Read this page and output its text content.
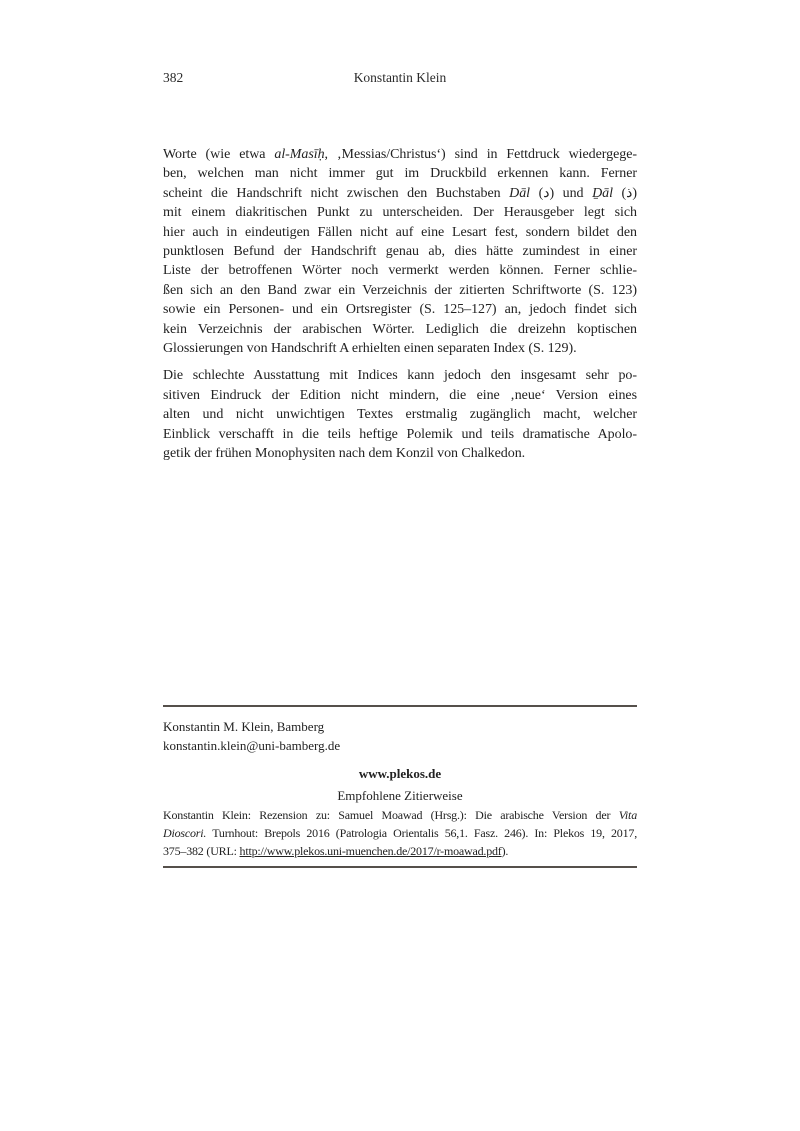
382	Konstantin Klein
Worte (wie etwa al-Masīḥ, ‚Messias/Christus‘) sind in Fettdruck wiedergege-
ben, welchen man nicht immer gut im Druckbild erkennen kann. Ferner
scheint die Handschrift nicht zwischen den Buchstaben Dāl (د) und Ḏāl (ذ)
mit einem diakritischen Punkt zu unterscheiden. Der Herausgeber legt sich
hier auch in eindeutigen Fällen nicht auf eine Lesart fest, sondern bildet den
punktlosen Befund der Handschrift genau ab, dies hätte zumindest in einer
Liste der betroffenen Wörter noch vermerkt werden können. Ferner schlie-
ßen sich an den Band zwar ein Verzeichnis der zitierten Schriftworte (S. 123)
sowie ein Personen- und ein Ortsregister (S. 125–127) an, jedoch findet sich
kein Verzeichnis der arabischen Wörter. Lediglich die dreizehn koptischen
Glossierungen von Handschrift A erhielten einen separaten Index (S. 129).
Die schlechte Ausstattung mit Indices kann jedoch den insgesamt sehr po-
sitiven Eindruck der Edition nicht mindern, die eine ‚neue‘ Version eines
alten und nicht unwichtigen Textes erstmalig zugänglich macht, welcher
Einblick verschafft in die teils heftige Polemik und teils dramatische Apolo-
getik der frühen Monophysiten nach dem Konzil von Chalkedon.
Konstantin M. Klein, Bamberg
konstantin.klein@uni-bamberg.de
www.plekos.de
Empfohlene Zitierweise
Konstantin Klein: Rezension zu: Samuel Moawad (Hrsg.): Die arabische Version der Vita
Dioscori. Turnhout: Brepols 2016 (Patrologia Orientalis 56,1. Fasz. 246). In: Plekos 19, 2017,
375–382 (URL: http://www.plekos.uni-muenchen.de/2017/r-moawad.pdf).
